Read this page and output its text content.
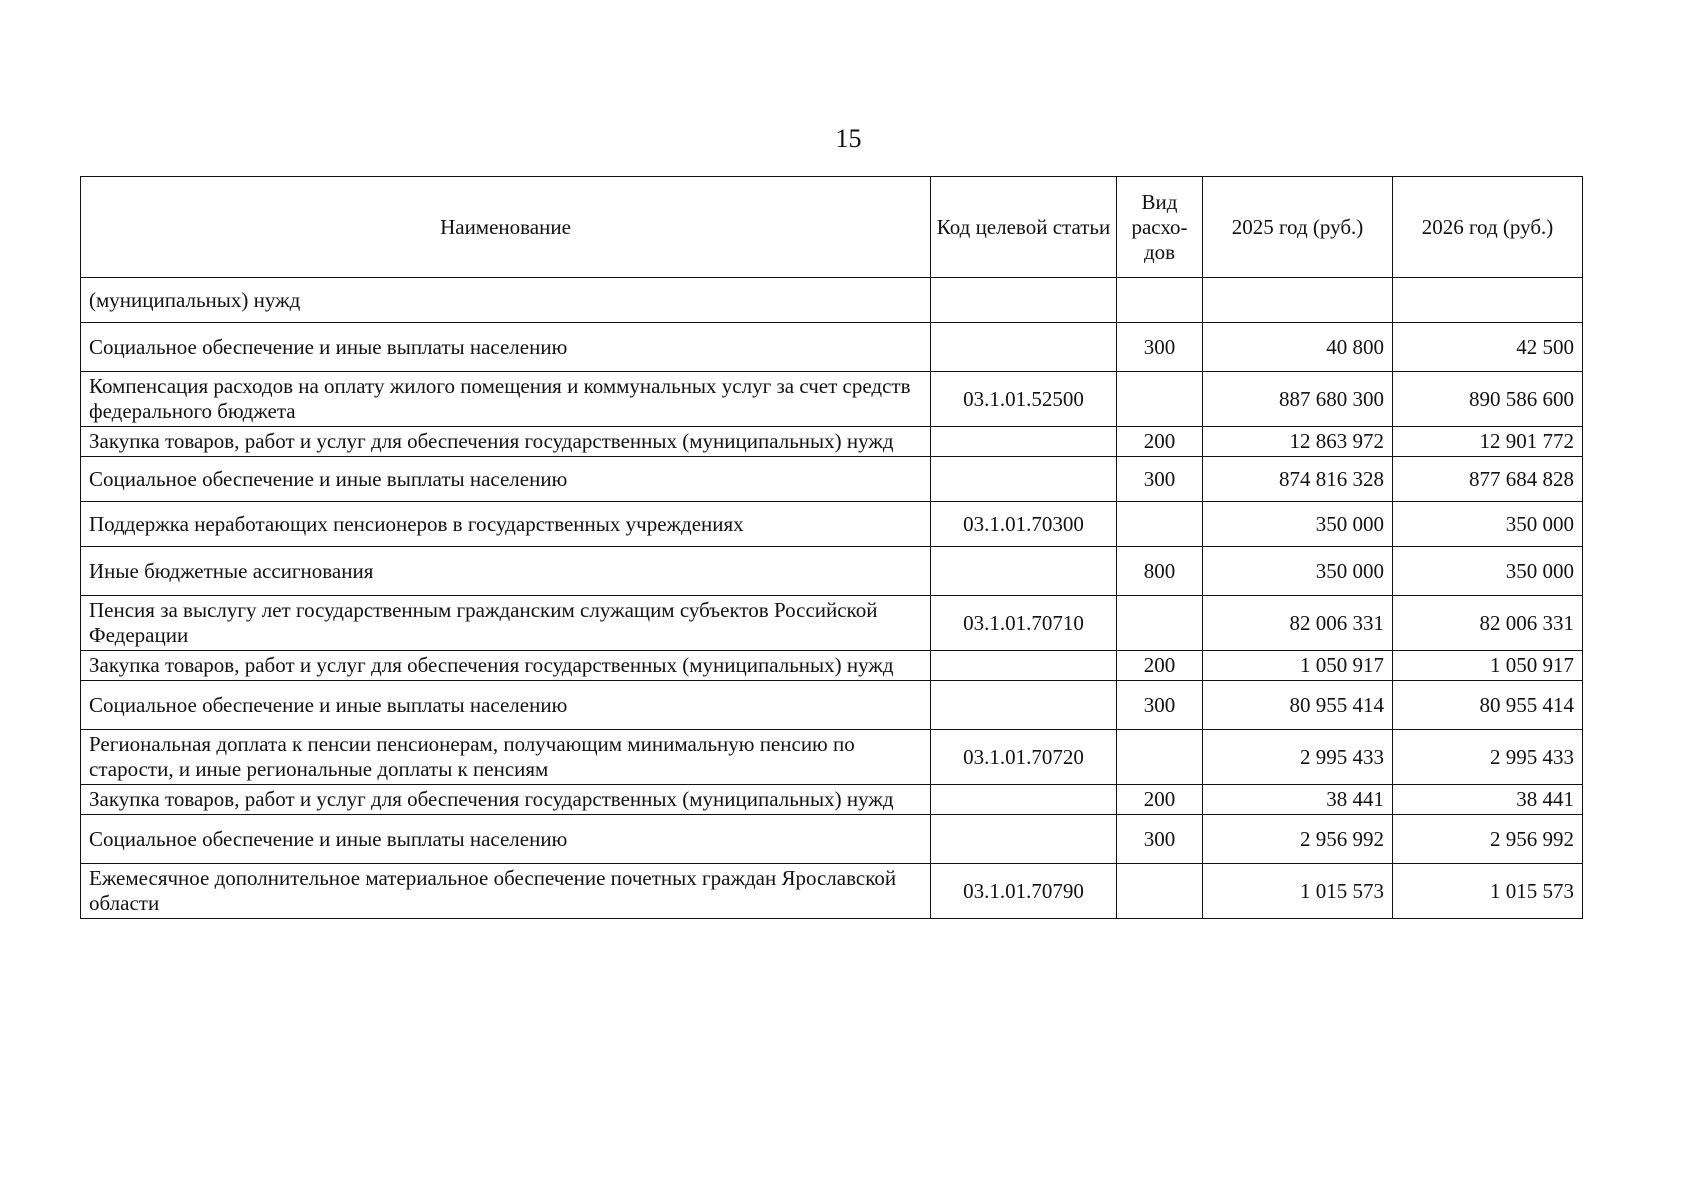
15
Наименование	Код целевой статьи	Вид расхо-дов	2025 год (руб.)	2026 год (руб.)
(муниципальных) нужд				
Социальное обеспечение и иные выплаты населению		300	40 800	42 500
Компенсация расходов на оплату жилого помещения и коммунальных услуг за счет средств федерального бюджета	03.1.01.52500		887 680 300	890 586 600
Закупка товаров, работ и услуг для обеспечения государственных (муниципальных) нужд		200	12 863 972	12 901 772
Социальное обеспечение и иные выплаты населению		300	874 816 328	877 684 828
Поддержка неработающих пенсионеров в государственных учреждениях	03.1.01.70300		350 000	350 000
Иные бюджетные ассигнования		800	350 000	350 000
Пенсия за выслугу лет государственным гражданским служащим субъектов Российской Федерации	03.1.01.70710		82 006 331	82 006 331
Закупка товаров, работ и услуг для обеспечения государственных (муниципальных) нужд		200	1 050 917	1 050 917
Социальное обеспечение и иные выплаты населению		300	80 955 414	80 955 414
Региональная доплата к пенсии пенсионерам, получающим минимальную пенсию по старости, и иные региональные доплаты к пенсиям	03.1.01.70720		2 995 433	2 995 433
Закупка товаров, работ и услуг для обеспечения государственных (муниципальных) нужд		200	38 441	38 441
Социальное обеспечение и иные выплаты населению		300	2 956 992	2 956 992
Ежемесячное дополнительное материальное обеспечение почетных граждан Ярославской области	03.1.01.70790		1 015 573	1 015 573
